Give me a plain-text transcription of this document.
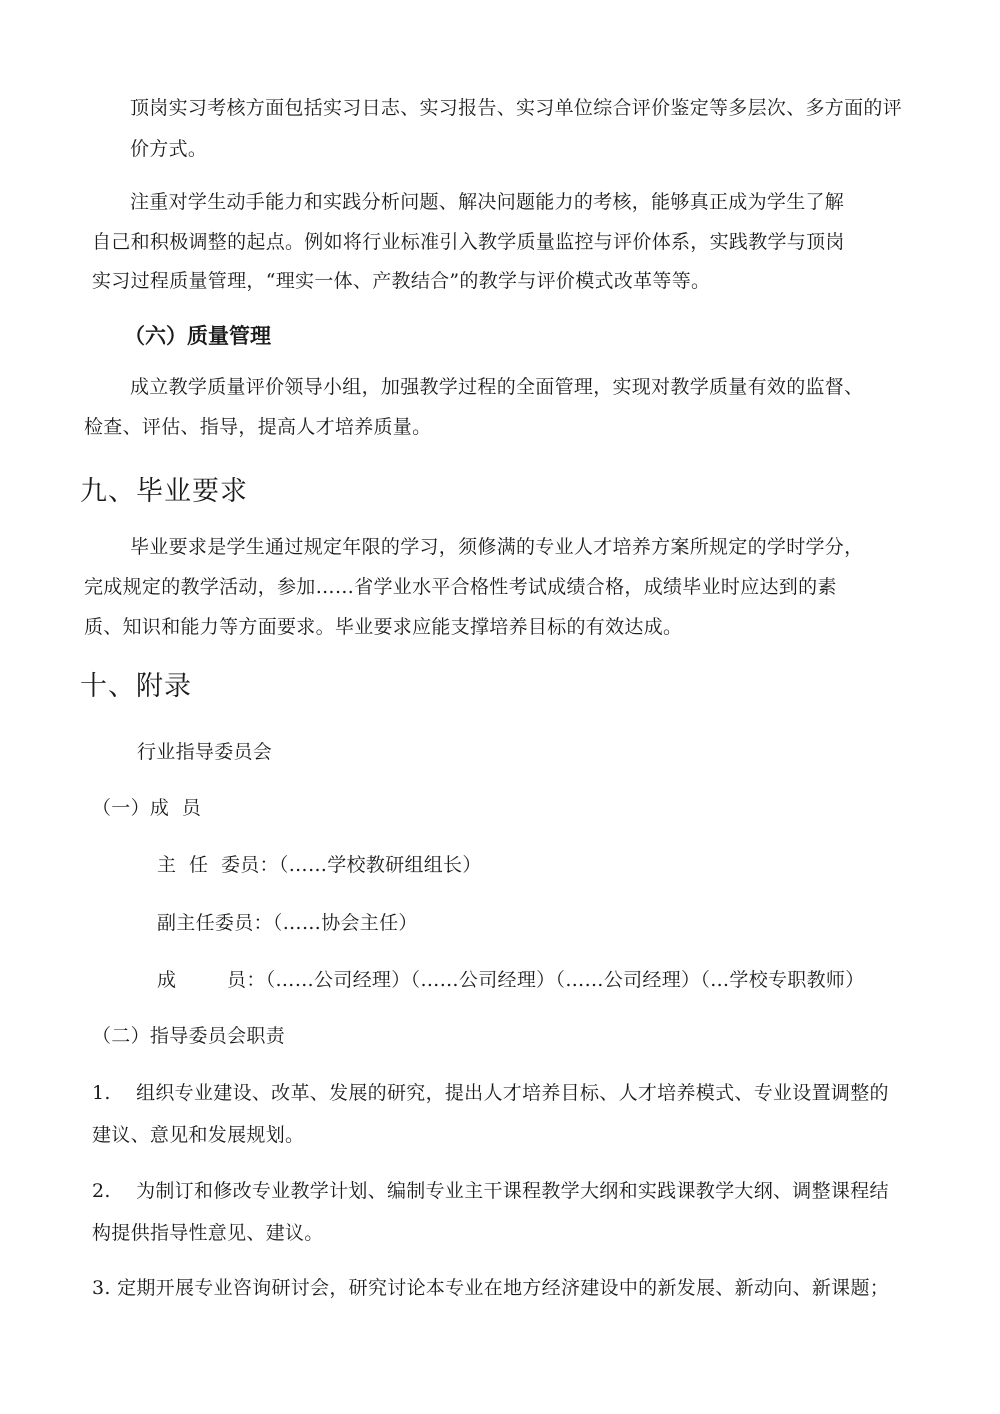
顶岗实习考核方面包括实习日志、实习报告、实习单位综合评价鉴定等多层次、多方面的评
价方式。
注重对学生动手能力和实践分析问题、解决问题能力的考核，能够真正成为学生了解
自己和积极调整的起点。例如将行业标准引入教学质量监控与评价体系，实践教学与顶岗
实习过程质量管理，“理实一体、产教结合”的教学与评价模式改革等等。
（六）质量管理
成立教学质量评价领导小组，加强教学过程的全面管理，实现对教学质量有效的监督、
检查、评估、指导，提高人才培养质量。
九、毕业要求
毕业要求是学生通过规定年限的学习，须修满的专业人才培养方案所规定的学时学分，
完成规定的教学活动，参加……省学业水平合格性考试成绩合格，成绩毕业时应达到的素
质、知识和能力等方面要求。毕业要求应能支撑培养目标的有效达成。
十、附录
行业指导委员会
（一）成  员
主  任  委员：（……学校教研组组长）
副主任委员：（……协会主任）
成        员：（……公司经理）（……公司经理）（……公司经理）（…学校专职教师）
（二）指导委员会职责
1.    组织专业建设、改革、发展的研究，提出人才培养目标、人才培养模式、专业设置调整的
建议、意见和发展规划。
2.    为制订和修改专业教学计划、编制专业主干课程教学大纲和实践课教学大纲、调整课程结
构提供指导性意见、建议。
3. 定期开展专业咨询研讨会，研究讨论本专业在地方经济建设中的新发展、新动向、新课题；
